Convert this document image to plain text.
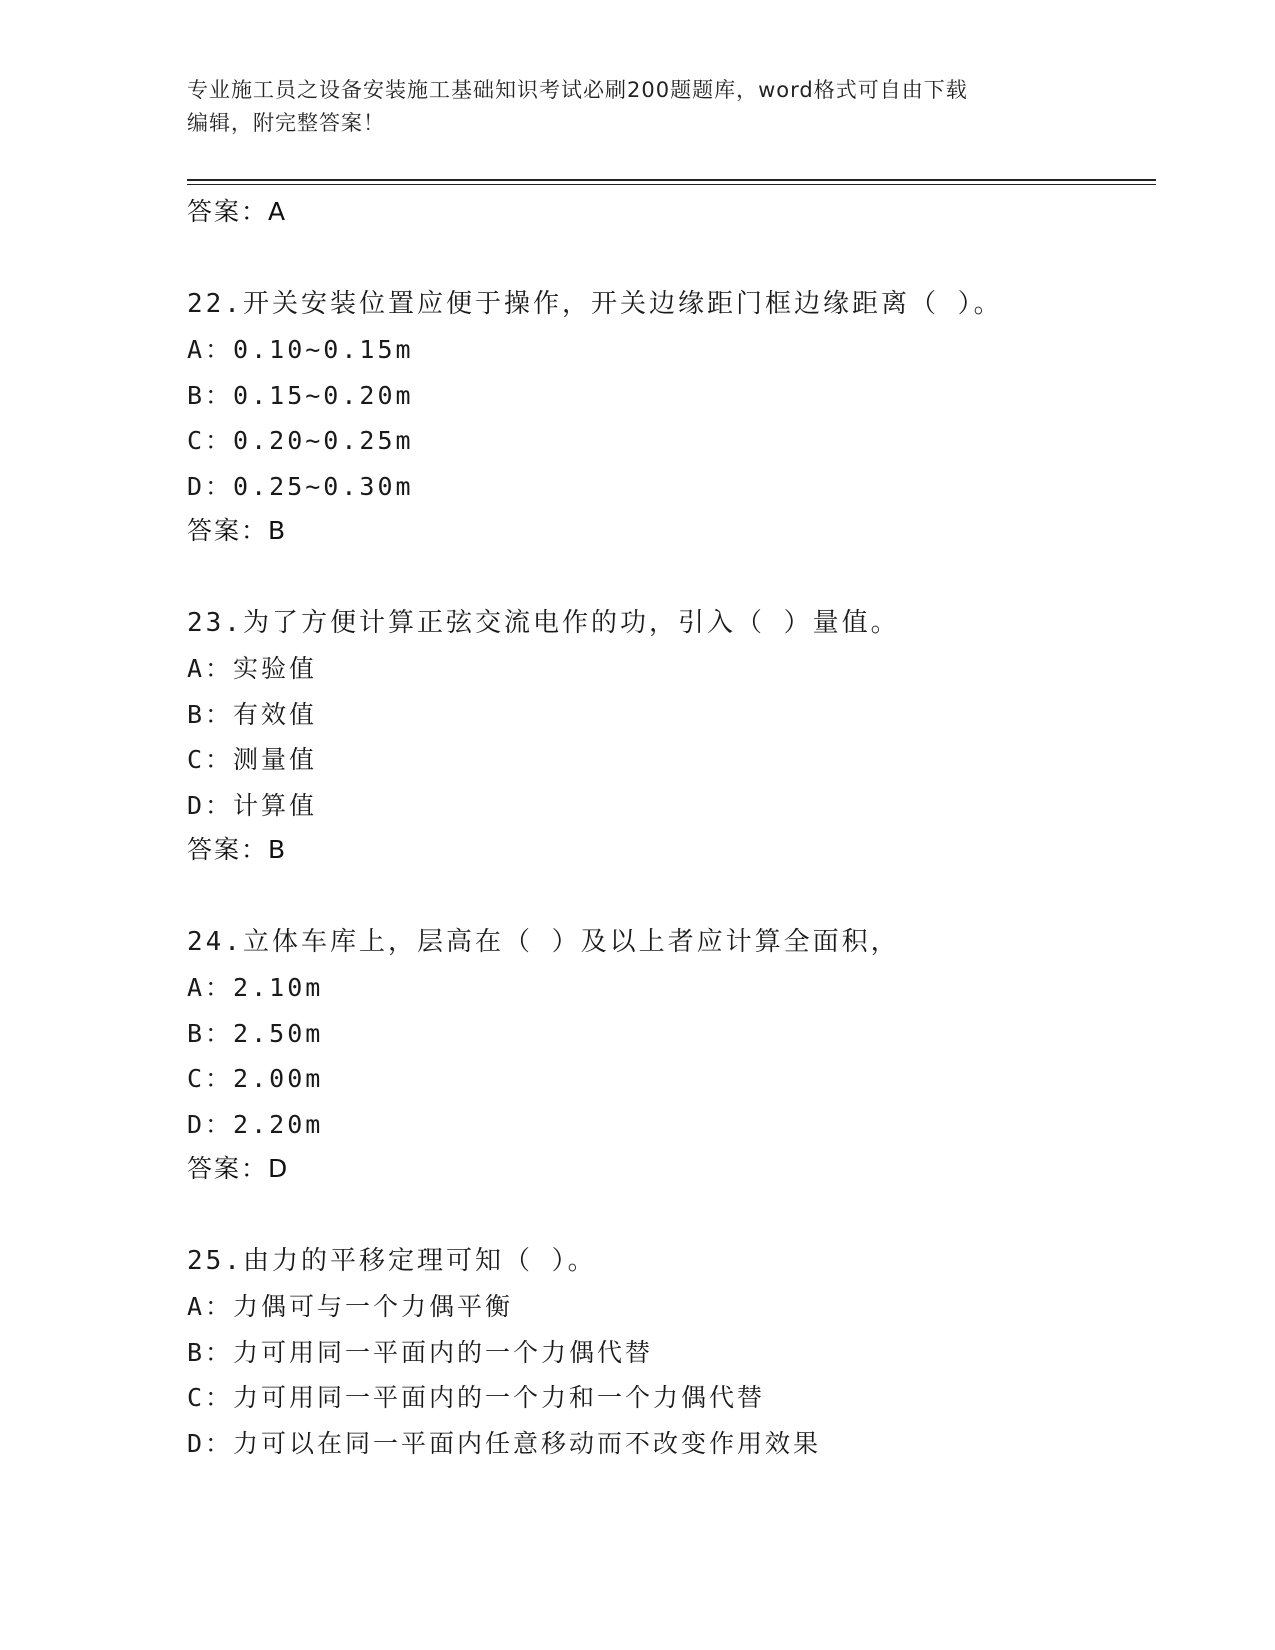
专业施工员之设备安装施工基础知识考试必刷200题题库，word格式可自由下载
编辑，附完整答案！
答案：A
22.开关安装位置应便于操作，开关边缘距门框边缘距离（ ）。
A：0.10~0.15m
B：0.15~0.20m
C：0.20~0.25m
D：0.25~0.30m
答案：B
23.为了方便计算正弦交流电作的功，引入（ ）量值。
A：实验值
B：有效值
C：测量值
D：计算值
答案：B
24.立体车库上，层高在（ ）及以上者应计算全面积，
A：2.10m
B：2.50m
C：2.00m
D：2.20m
答案：D
25.由力的平移定理可知（ ）。
A：力偶可与一个力偶平衡
B：力可用同一平面内的一个力偶代替
C：力可用同一平面内的一个力和一个力偶代替
D：力可以在同一平面内任意移动而不改变作用效果
